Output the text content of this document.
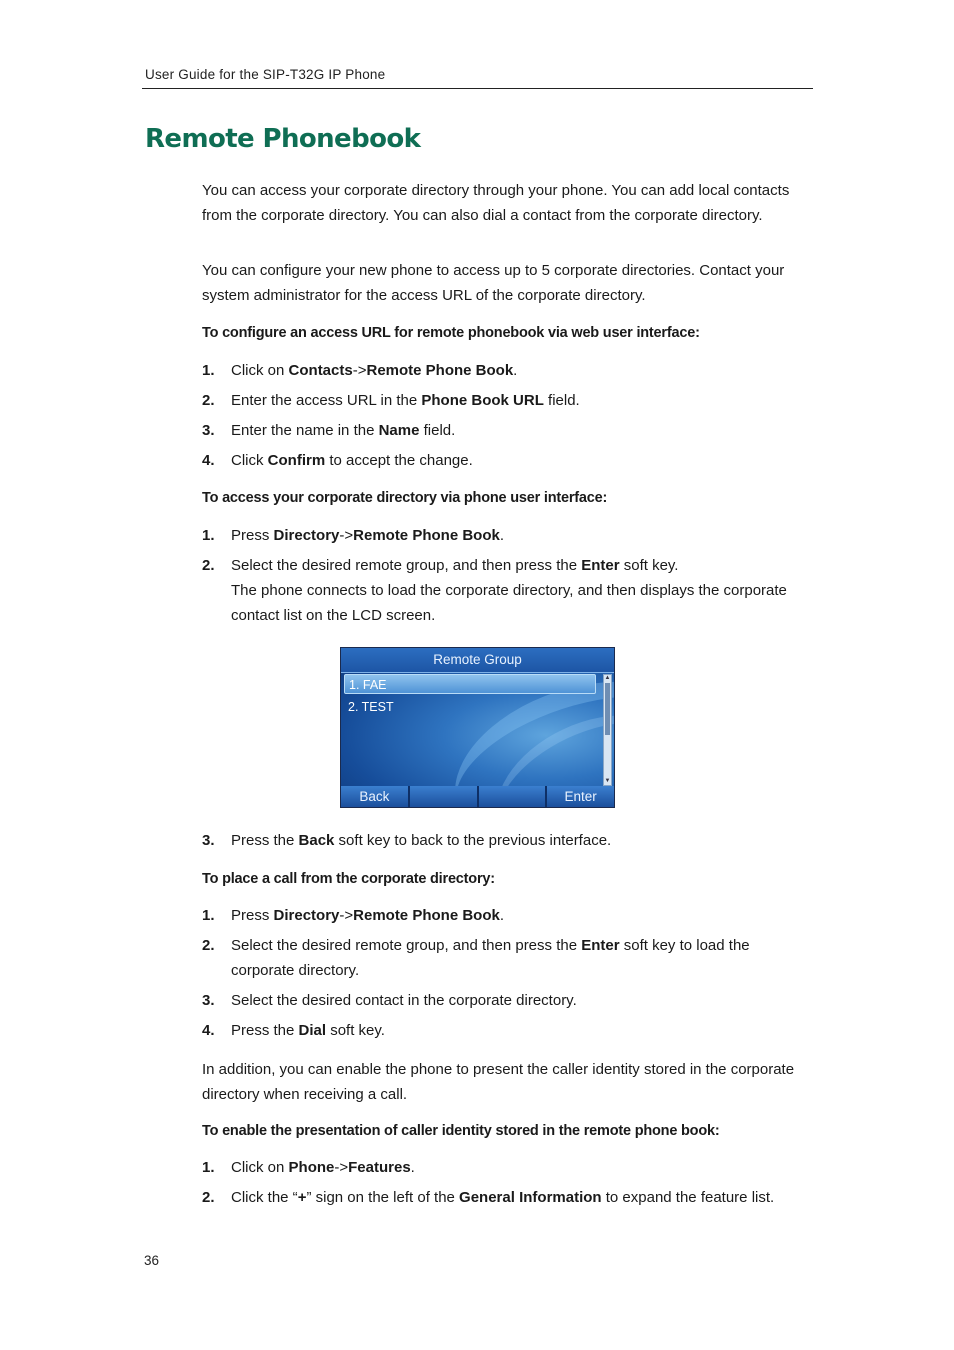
User Guide for the SIP-T32G IP Phone
Remote Phonebook

You can access your corporate directory through your phone. You can add local contacts from the corporate directory. You can also dial a contact from the corporate directory.

You can configure your new phone to access up to 5 corporate directories. Contact your system administrator for the access URL of the corporate directory.

To configure an access URL for remote phonebook via web user interface:

1. Click on Contacts->Remote Phone Book.
2. Enter the access URL in the Phone Book URL field.
3. Enter the name in the Name field.
4. Click Confirm to accept the change.

To access your corporate directory via phone user interface:

1. Press Directory->Remote Phone Book.
2. Select the desired remote group, and then press the Enter soft key.
The phone connects to load the corporate directory, and then displays the corporate contact list on the LCD screen.
Remote Group
1. FAE
2. TEST
▲
▼
Back	Enter
3. Press the Back soft key to back to the previous interface.

To place a call from the corporate directory:

1. Press Directory->Remote Phone Book.
2. Select the desired remote group, and then press the Enter soft key to load the corporate directory.
3. Select the desired contact in the corporate directory.
4. Press the Dial soft key.

In addition, you can enable the phone to present the caller identity stored in the corporate directory when receiving a call.

To enable the presentation of caller identity stored in the remote phone book:

1. Click on Phone->Features.
2. Click the “+” sign on the left of the General Information to expand the feature list.
36
